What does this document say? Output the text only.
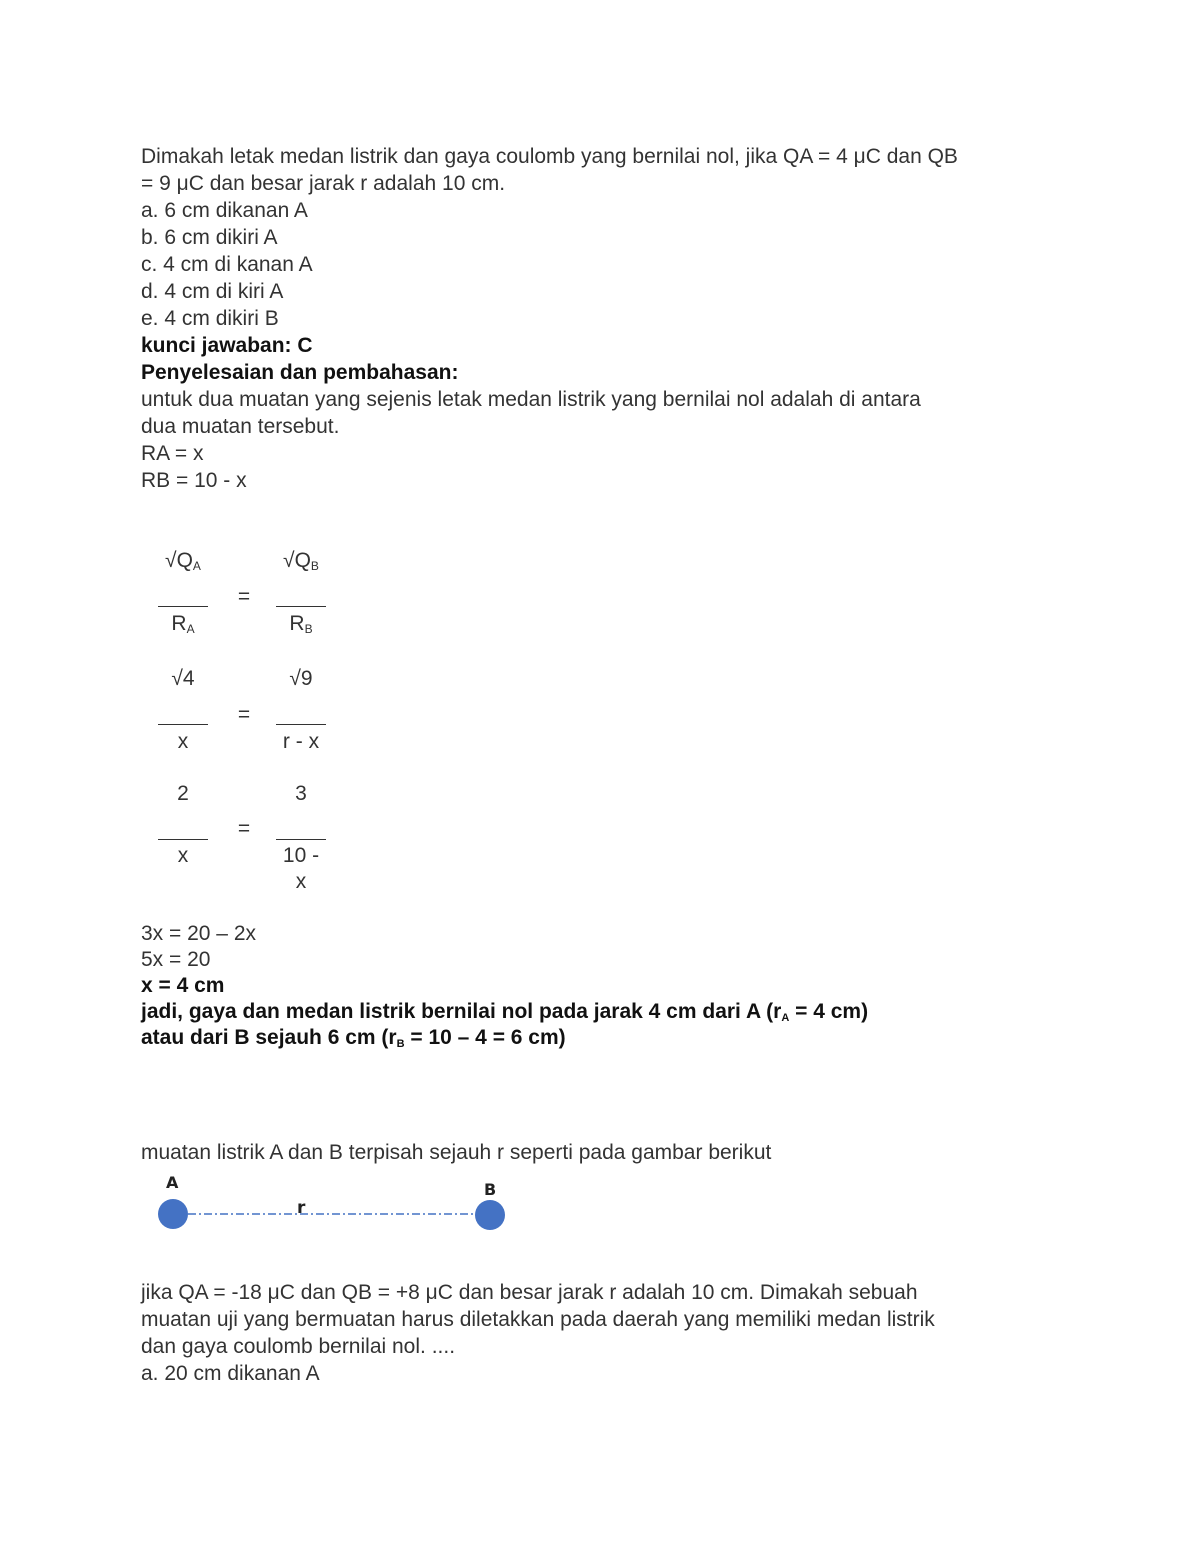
Dimakah letak medan listrik dan gaya coulomb yang bernilai nol, jika QA = 4 μC dan QB
= 9 μC dan besar jarak r adalah 10 cm.
a. 6 cm dikanan A
b. 6 cm dikiri A
c. 4 cm di kanan A
d. 4 cm di kiri A
e. 4 cm dikiri B
kunci jawaban: C
Penyelesaian dan pembahasan:
untuk dua muatan yang sejenis letak medan listrik yang bernilai nol adalah di antara
dua muatan tersebut.
RA = x
RB = 10 - x
$√Q_A$
$R_A$
=
$√Q_B$
$R_B$
√4
x
=
√9
r - x
2
x
=
3
10 -
x
3x = 20 – 2x
5x = 20
x = 4 cm
jadi, gaya dan medan listrik bernilai nol pada jarak 4 cm dari A (rA = 4 cm)
atau dari B sejauh 6 cm (rB = 10 – 4 = 6 cm)
muatan listrik A dan B terpisah sejauh r seperti pada gambar berikut
A	B
r
jika QA = -18 μC dan QB = +8 μC dan besar jarak r adalah 10 cm. Dimakah sebuah
muatan uji yang bermuatan harus diletakkan pada daerah yang memiliki medan listrik
dan gaya coulomb bernilai nol. ....
a. 20 cm dikanan A
